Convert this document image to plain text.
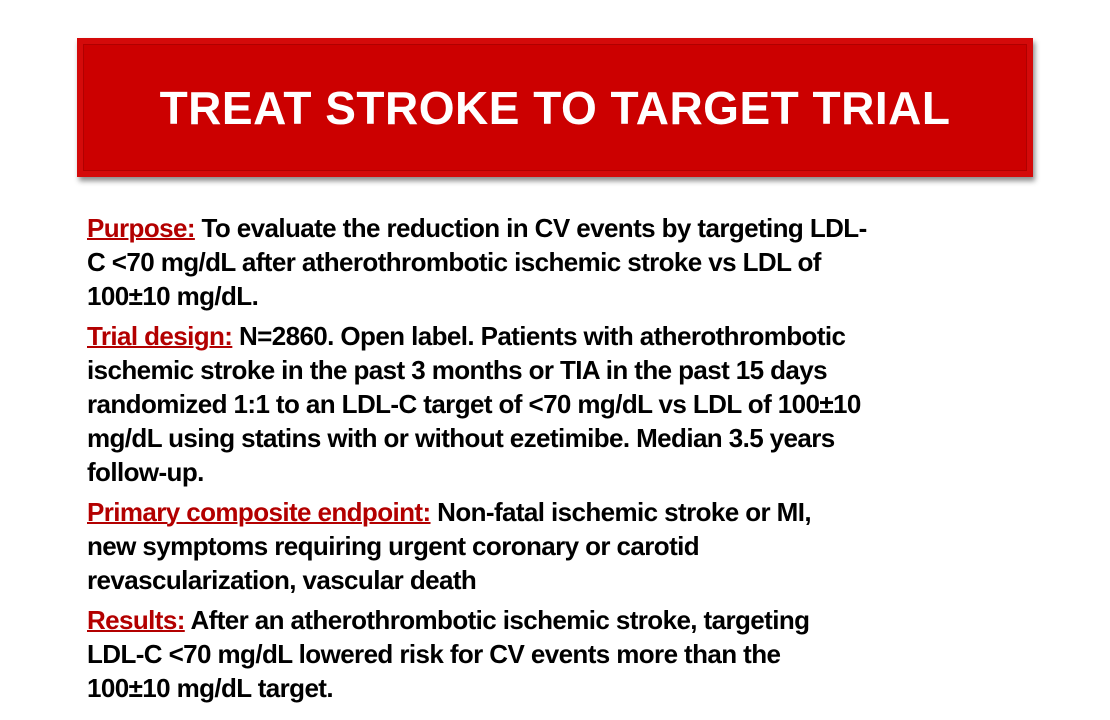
TREAT STROKE TO TARGET TRIAL
Purpose: To evaluate the reduction in CV events by targeting LDL-
C <70 mg/dL after atherothrombotic ischemic stroke vs LDL of
100±10 mg/dL.
Trial design: N=2860. Open label. Patients with atherothrombotic
ischemic stroke in the past 3 months or TIA in the past 15 days
randomized 1:1 to an LDL-C target of <70 mg/dL vs LDL of 100±10
mg/dL using statins with or without ezetimibe. Median 3.5 years
follow-up.
Primary composite endpoint: Non-fatal ischemic stroke or MI,
new symptoms requiring urgent coronary or carotid
revascularization, vascular death
Results: After an atherothrombotic ischemic stroke, targeting
LDL-C <70 mg/dL lowered risk for CV events more than the
100±10 mg/dL target.
